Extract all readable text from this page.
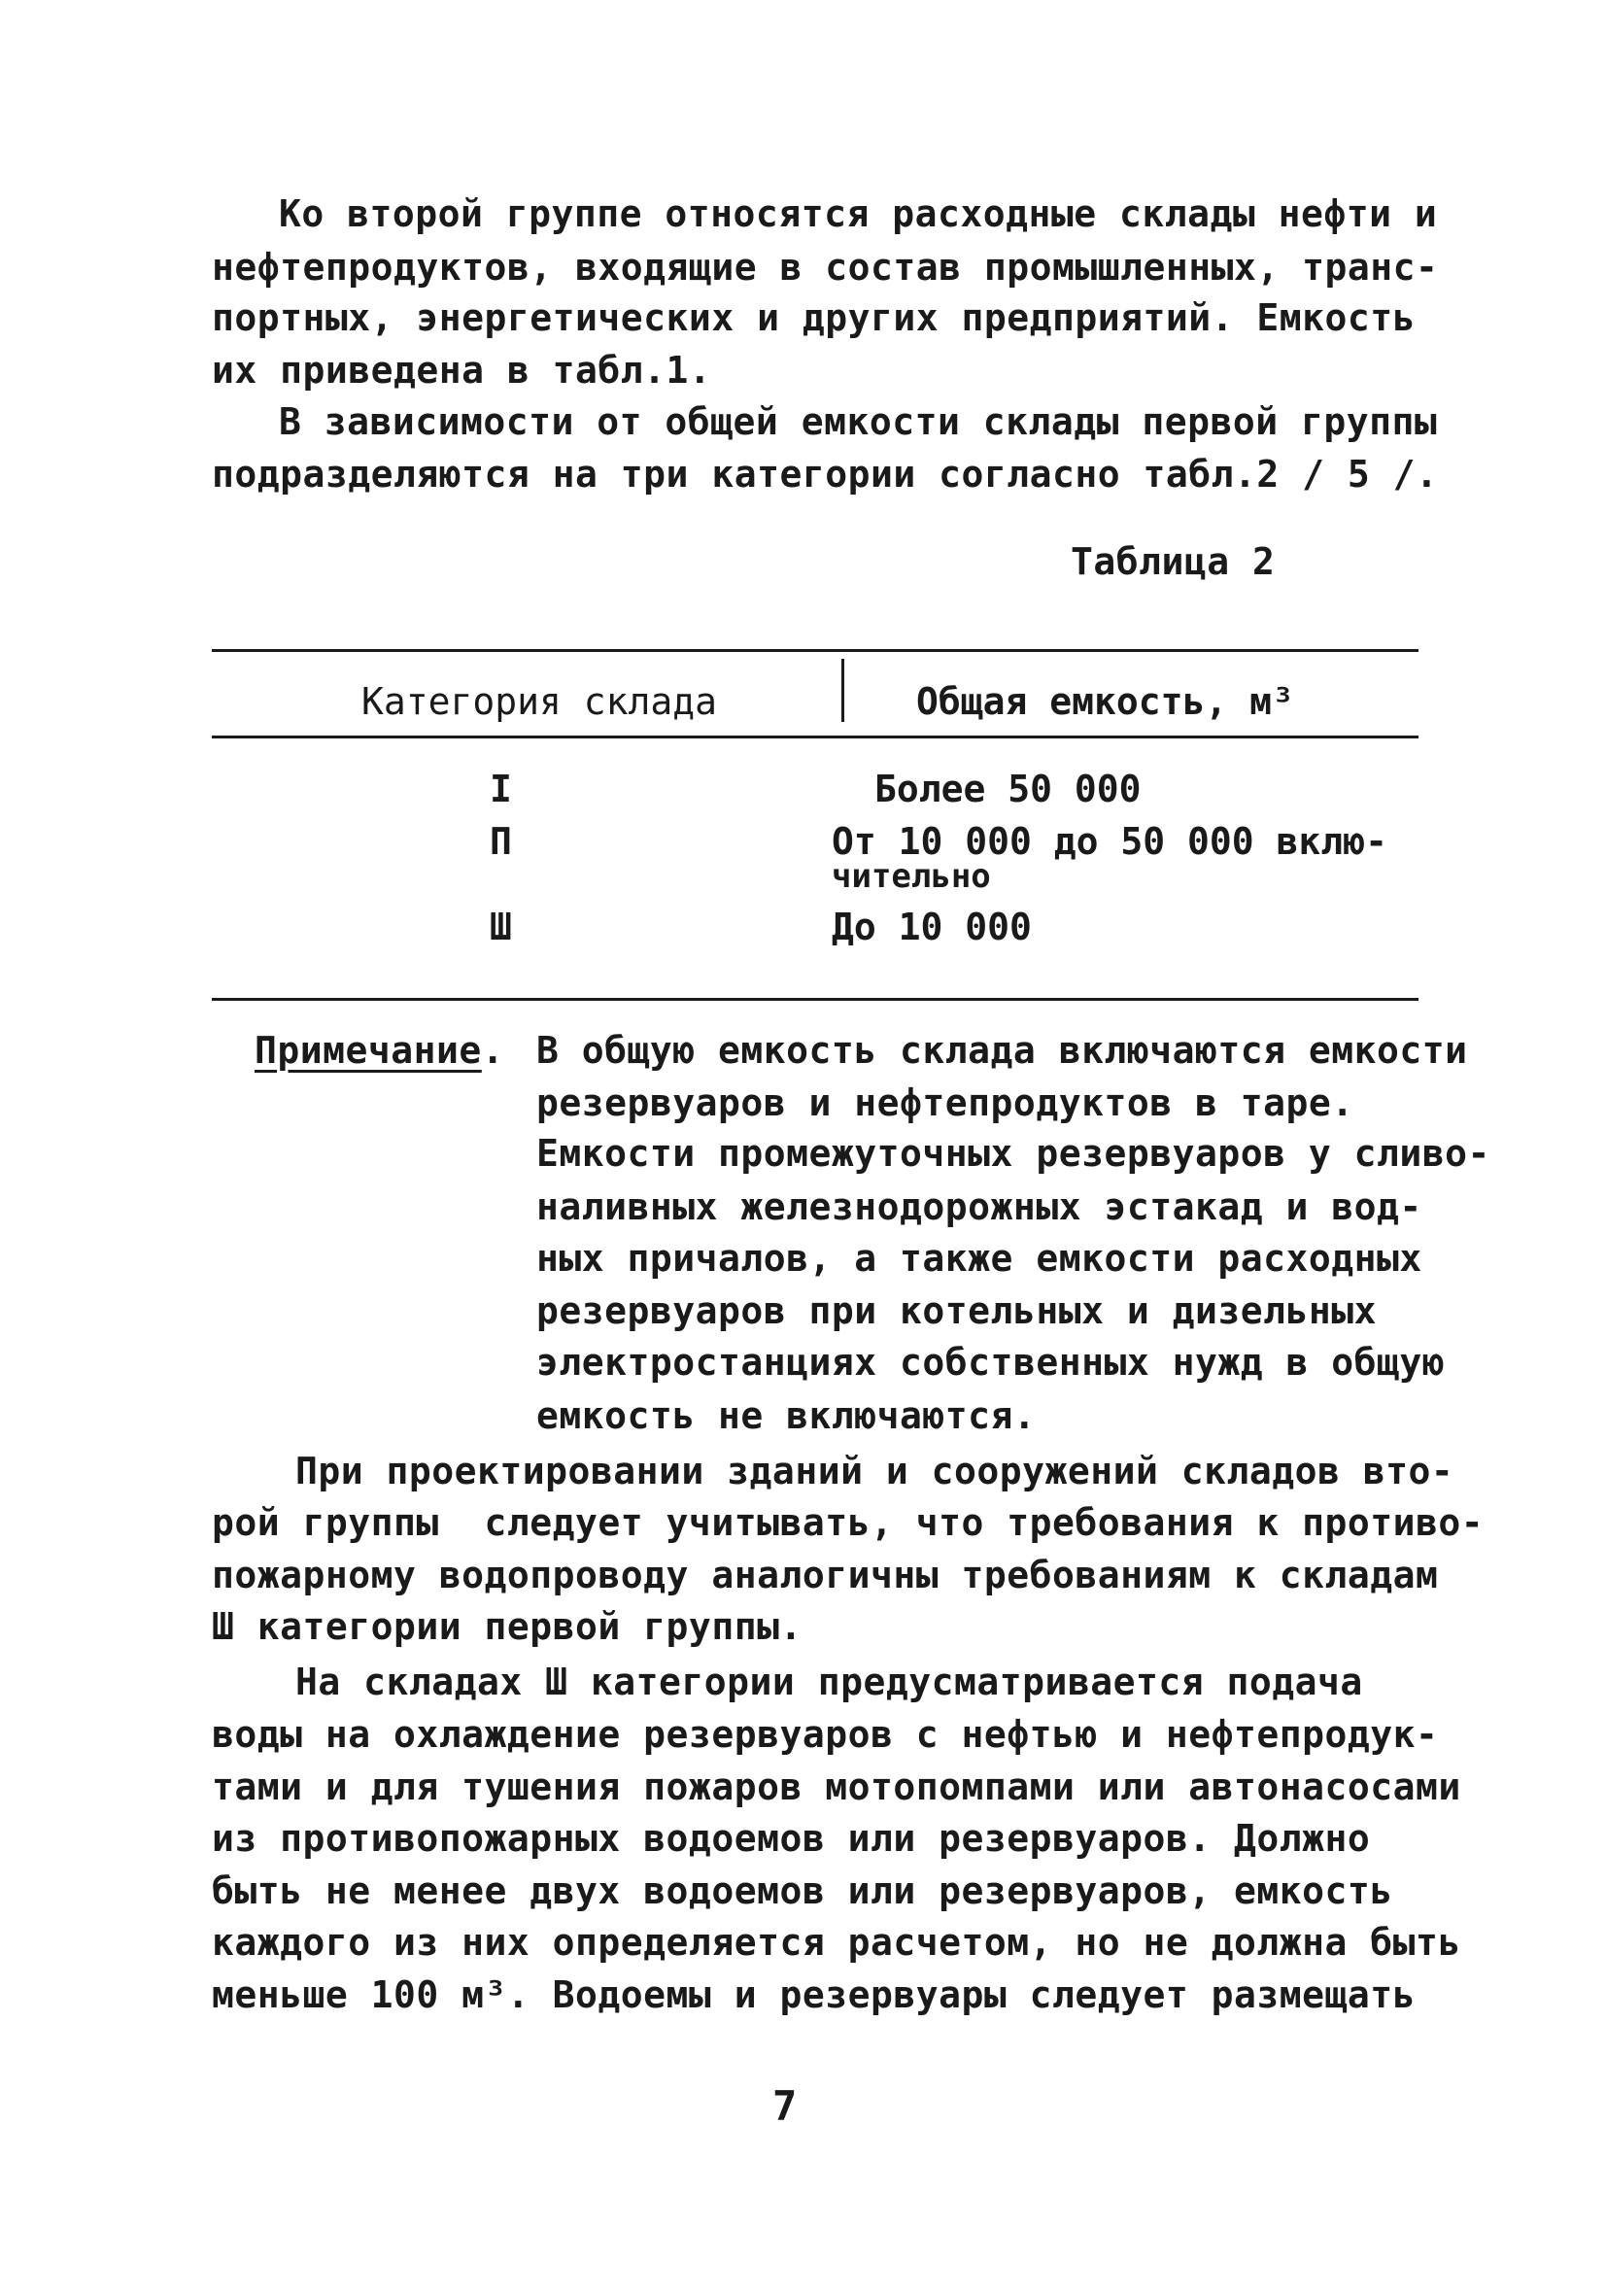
Ко второй группе относятся расходные склады нефти и
нефтепродуктов, входящие в состав промышленных, транс-
портных, энергетических и других предприятий. Емкость
их приведена в табл.1.
В зависимости от общей емкости склады первой группы
подразделяются на три категории согласно табл.2 / 5 /.
Таблица 2
Категория склада	Общая емкость, м³
I	Более 50 000
П	От 10 000 до 50 000 вклю-
чительно
Ш	До 10 000
Примечание. В общую емкость склада включаются емкости
резервуаров и нефтепродуктов в таре.
Емкости промежуточных резервуаров у сливо-
наливных железнодорожных эстакад и вод-
ных причалов, а также емкости расходных
резервуаров при котельных и дизельных
электростанциях собственных нужд в общую
емкость не включаются.
При проектировании зданий и сооружений складов вто-
рой группы  следует учитывать, что требования к противо-
пожарному водопроводу аналогичны требованиям к складам
Ш категории первой группы.
На складах Ш категории предусматривается подача
воды на охлаждение резервуаров с нефтью и нефтепродук-
тами и для тушения пожаров мотопомпами или автонасосами
из противопожарных водоемов или резервуаров. Должно
быть не менее двух водоемов или резервуаров, емкость
каждого из них определяется расчетом, но не должна быть
меньше 100 м³. Водоемы и резервуары следует размещать
7
